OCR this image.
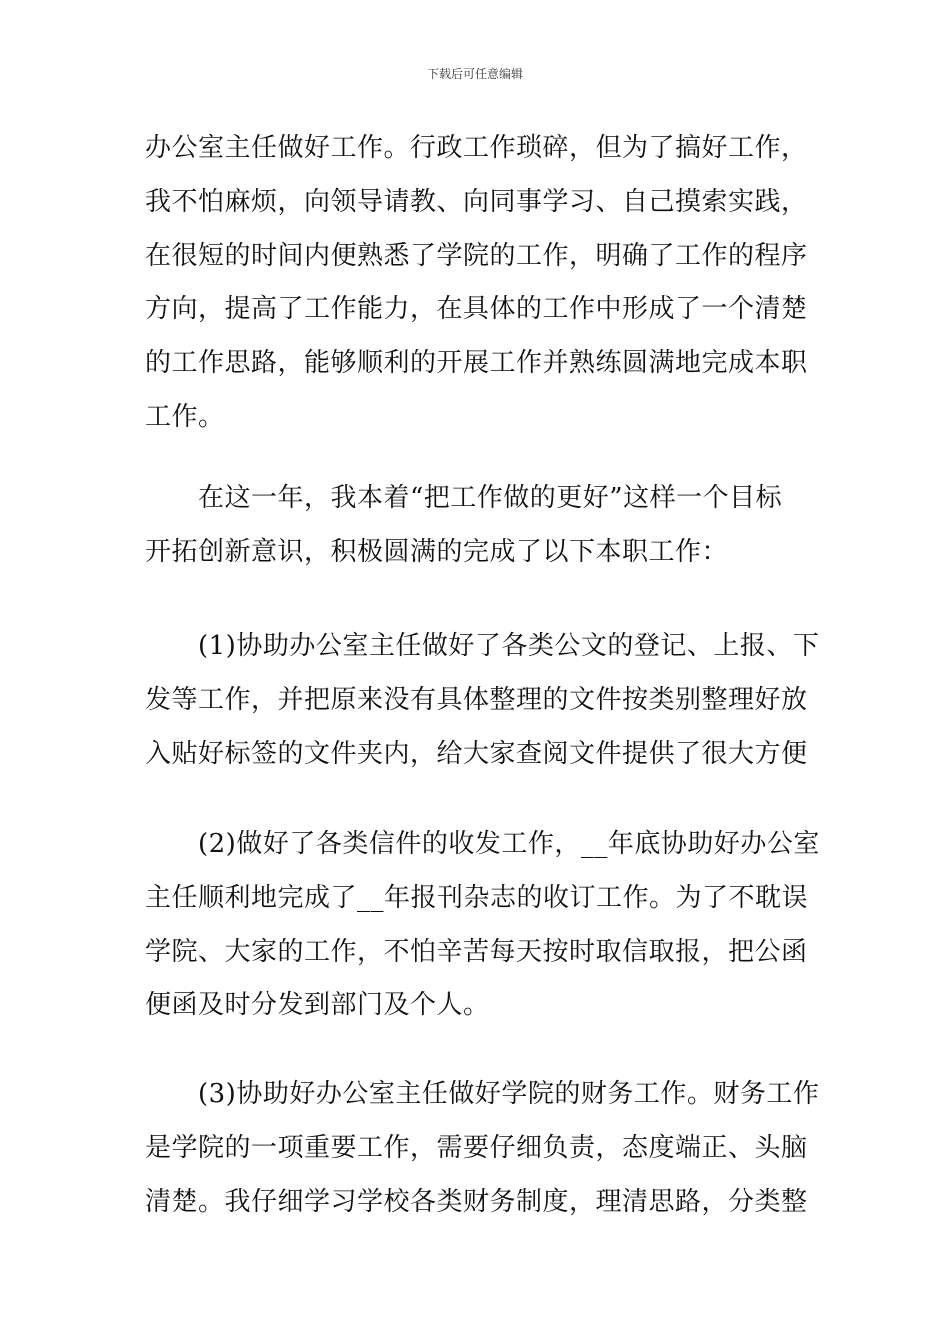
下载后可任意编辑
办公室主任做好工作。行政工作琐碎，但为了搞好工作，
我不怕麻烦，向领导请教、向同事学习、自己摸索实践，
在很短的时间内便熟悉了学院的工作，明确了工作的程序
方向，提高了工作能力，在具体的工作中形成了一个清楚
的工作思路，能够顺利的开展工作并熟练圆满地完成本职
工作。
在这一年，我本着“把工作做的更好”这样一个目标
开拓创新意识，积极圆满的完成了以下本职工作：
(1)协助办公室主任做好了各类公文的登记、上报、下
发等工作，并把原来没有具体整理的文件按类别整理好放
入贴好标签的文件夹内，给大家查阅文件提供了很大方便
(2)做好了各类信件的收发工作，__年底协助好办公室
主任顺利地完成了__年报刊杂志的收订工作。为了不耽误
学院、大家的工作，不怕辛苦每天按时取信取报，把公函
便函及时分发到部门及个人。
(3)协助好办公室主任做好学院的财务工作。财务工作
是学院的一项重要工作，需要仔细负责，态度端正、头脑
清楚。我仔细学习学校各类财务制度，理清思路，分类整
